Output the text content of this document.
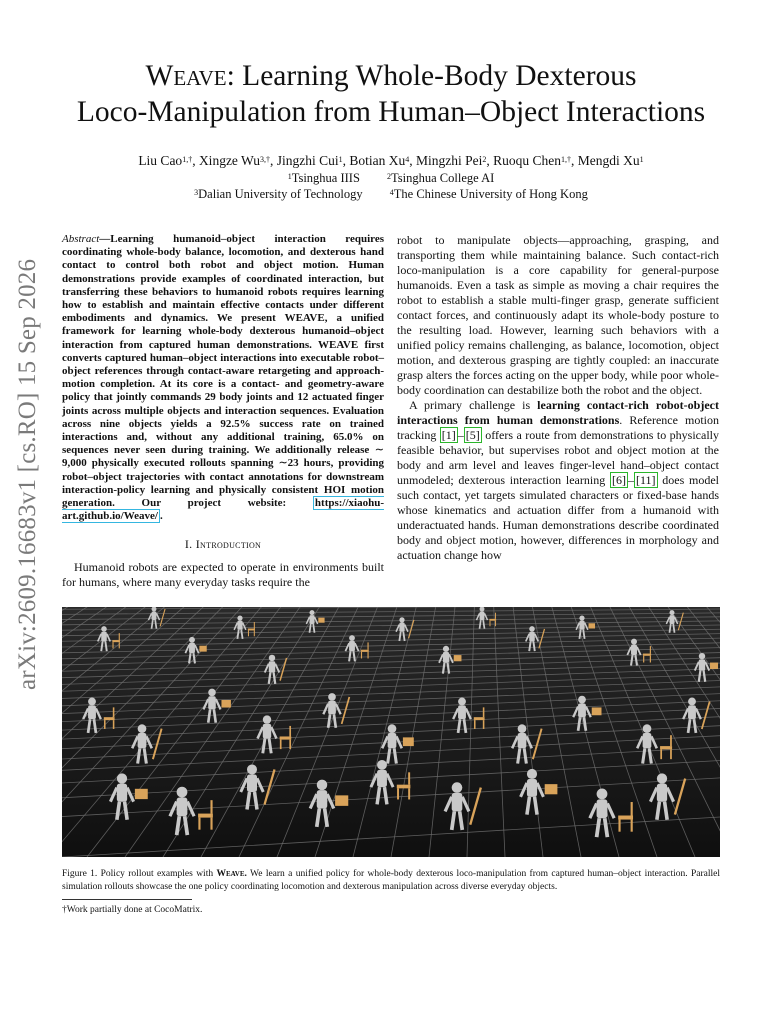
arXiv:2609.16683v1 [cs.RO] 15 Sep 2026
Weave: Learning Whole-Body Dexterous
Loco-Manipulation from Human–Object Interactions
Liu Cao$^{1,\dagger}$, Xingze $Wu^{3,\dagger}$, Jingzhi Cui$^1$, Botian Xu$^4$, Mingzhi Pei$^2$, Ruoqu Chen$^{1,\dagger}$, Mengdi Xu$^1$
$^1$Tsinghua IIIS	$^2$Tsinghua College AI
$^3$Dalian University of Technology	$^4$The Chinese University of Hong Kong
Abstract—Learning humanoid–object interaction requires coordinating whole-body balance, locomotion, and dexterous hand contact to control both robot and object motion. Human demonstrations provide examples of coordinated interaction, but transferring these behaviors to humanoid robots requires learning how to establish and maintain effective contacts under different embodiments and dynamics. We present WEAVE, a unified framework for learning whole-body dexterous humanoid–object interaction from captured human demonstrations. WEAVE first converts captured human–object interactions into executable robot–object references through contact-aware retargeting and approach-motion completion. At its core is a contact- and geometry-aware policy that jointly commands 29 body joints and 12 actuated finger joints across multiple objects and interaction sequences. Evaluation across nine objects yields a 92.5% success rate on trained interactions and, without any additional training, 65.0% on sequences never seen during training. We additionally release ∼ 9,000 physically executed rollouts spanning ∼23 hours, providing robot–object trajectories with contact annotations for downstream interaction-policy learning and physically consistent HOI motion generation. Our project website: https://xiaohu-art.github.io/Weave/ .
I. Introduction

Humanoid robots are expected to operate in environments built for humans, where many everyday tasks require the

robot to manipulate objects—approaching, grasping, and transporting them while maintaining balance. Such contact-rich loco-manipulation is a core capability for general-purpose humanoids. Even a task as simple as moving a chair requires the robot to establish a stable multi-finger grasp, generate sufficient contact forces, and continuously adapt its whole-body posture to the resulting load. However, learning such behaviors with a unified policy remains challenging, as balance, locomotion, object motion, and dexterous grasping are tightly coupled: an inaccurate grasp alters the forces acting on the upper body, while poor whole-body coordination can destabilize both the robot and the object.

A primary challenge is learning contact-rich robot-object interactions from human demonstrations. Reference motion tracking [1] – [5] offers a route from demonstrations to physically feasible behavior, but supervises robot and object motion at the body and arm level and leaves finger-level hand–object contact unmodeled; dexterous interaction learning [6] – [11] does model such contact, yet targets simulated characters or fixed-base hands whose kinematics and actuation differ from a humanoid with underactuated hands. Human demonstrations describe coordinated body and object motion, however, differences in morphology and actuation change how

Figure 1. Policy rollout examples with Weave. We learn a unified policy for whole-body dexterous loco-manipulation from captured human–object interaction. Parallel simulation rollouts showcase the one policy coordinating locomotion and dexterous manipulation across diverse everyday objects.
†Work partially done at CocoMatrix.
